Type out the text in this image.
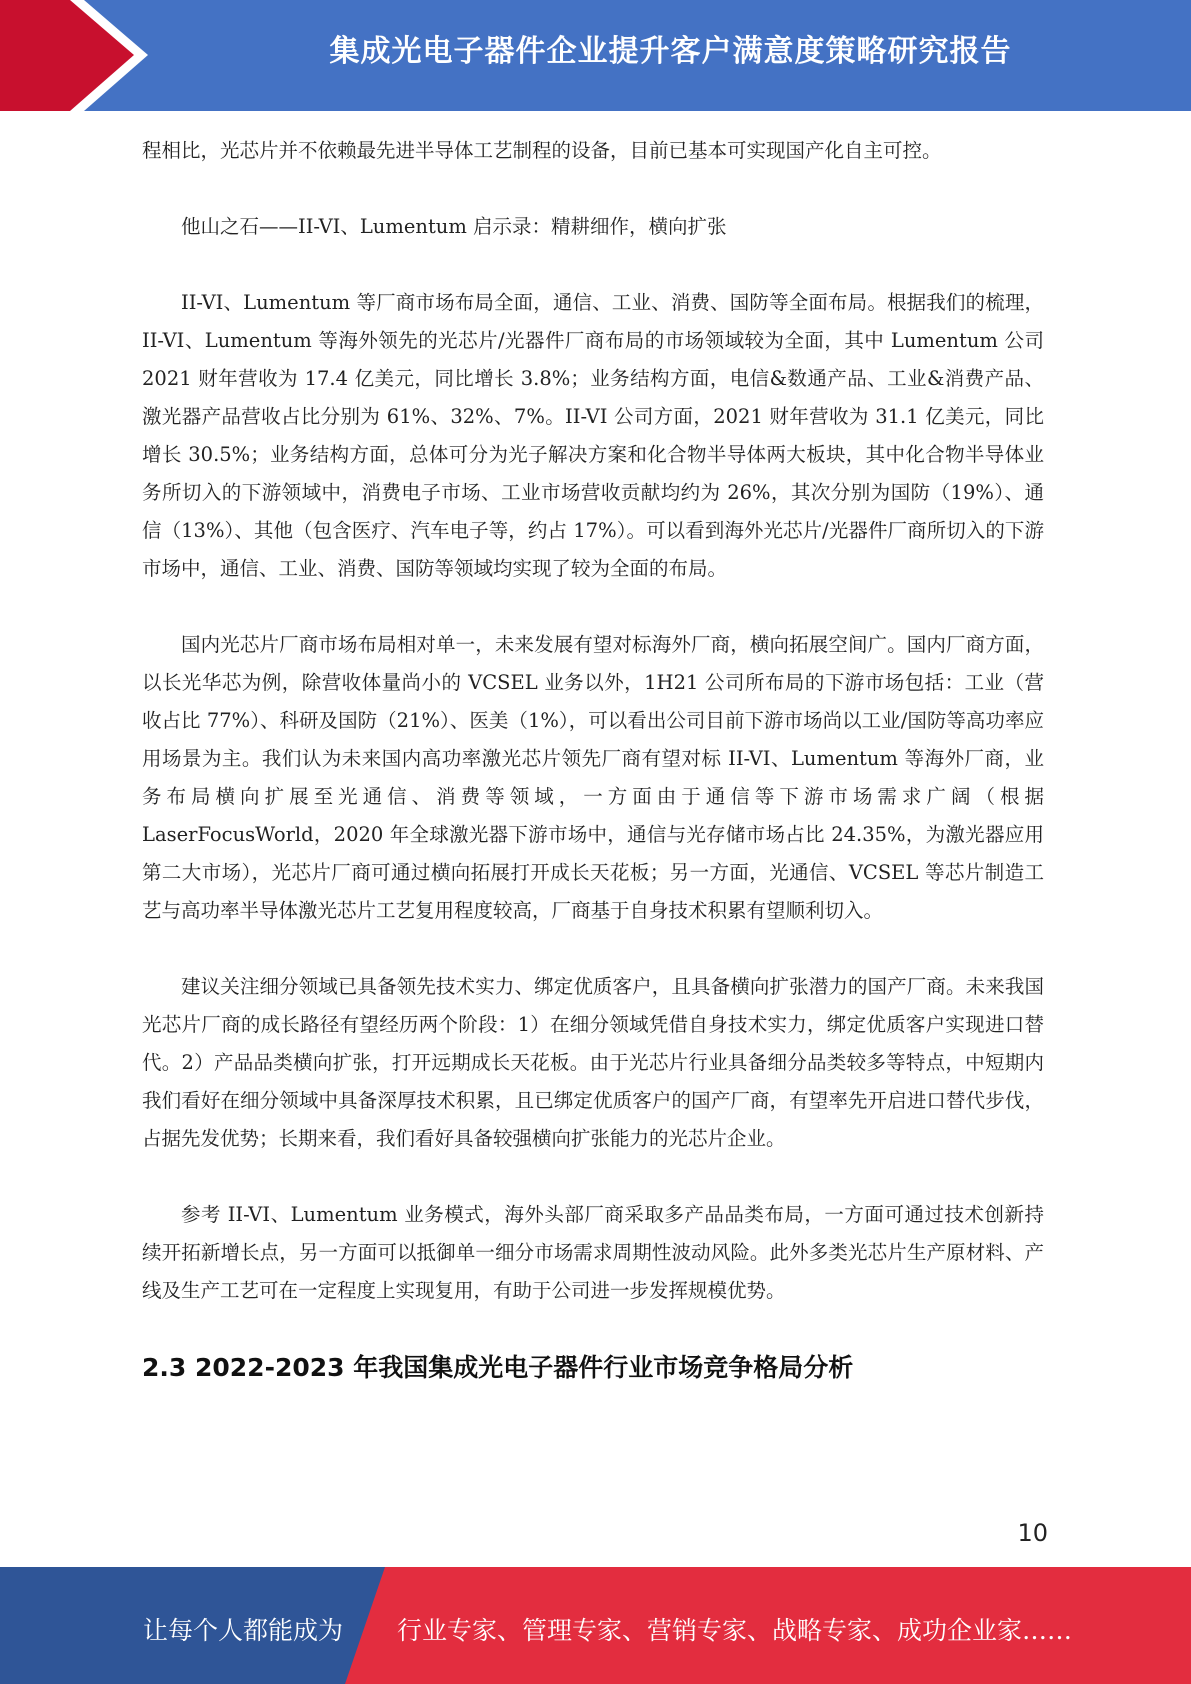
集成光电子器件企业提升客户满意度策略研究报告

程相比，光芯片并不依赖最先进半导体工艺制程的设备，目前已基本可实现国产化自主可控。

他山之石——II-VI、Lumentum 启示录：精耕细作，横向扩张

II-VI、Lumentum 等厂商市场布局全面，通信、工业、消费、国防等全面布局。根据我们的梳理，II-VI、Lumentum 等海外领先的光芯片/光器件厂商布局的市场领域较为全面，其中 Lumentum 公司 2021 财年营收为 17.4 亿美元，同比增长 3.8%；业务结构方面，电信&数通产品、工业&消费产品、激光器产品营收占比分别为 61%、32%、7%。II-VI 公司方面，2021 财年营收为 31.1 亿美元，同比增长 30.5%；业务结构方面，总体可分为光子解决方案和化合物半导体两大板块，其中化合物半导体业务所切入的下游领域中，消费电子市场、工业市场营收贡献均约为 26%，其次分别为国防（19%）、通信（13%）、其他（包含医疗、汽车电子等，约占 17%）。可以看到海外光芯片/光器件厂商所切入的下游市场中，通信、工业、消费、国防等领域均实现了较为全面的布局。

国内光芯片厂商市场布局相对单一，未来发展有望对标海外厂商，横向拓展空间广。国内厂商方面，以长光华芯为例，除营收体量尚小的 VCSEL 业务以外，1H21 公司所布局的下游市场包括：工业（营收占比 77%）、科研及国防（21%）、医美（1%），可以看出公司目前下游市场尚以工业/国防等高功率应用场景为主。我们认为未来国内高功率激光芯片领先厂商有望对标 II-VI、Lumentum 等海外厂商，业务布局横向扩展至光通信、消费等领域，一方面由于通信等下游市场需求广阔（根据 LaserFocusWorld，2020 年全球激光器下游市场中，通信与光存储市场占比 24.35%，为激光器应用第二大市场），光芯片厂商可通过横向拓展打开成长天花板；另一方面，光通信、VCSEL 等芯片制造工艺与高功率半导体激光芯片工艺复用程度较高，厂商基于自身技术积累有望顺利切入。

建议关注细分领域已具备领先技术实力、绑定优质客户，且具备横向扩张潜力的国产厂商。未来我国光芯片厂商的成长路径有望经历两个阶段：1）在细分领域凭借自身技术实力，绑定优质客户实现进口替代。2）产品品类横向扩张，打开远期成长天花板。由于光芯片行业具备细分品类较多等特点，中短期内我们看好在细分领域中具备深厚技术积累，且已绑定优质客户的国产厂商，有望率先开启进口替代步伐，占据先发优势；长期来看，我们看好具备较强横向扩张能力的光芯片企业。

参考 II-VI、Lumentum 业务模式，海外头部厂商采取多产品品类布局，一方面可通过技术创新持续开拓新增长点，另一方面可以抵御单一细分市场需求周期性波动风险。此外多类光芯片生产原材料、产线及生产工艺可在一定程度上实现复用，有助于公司进一步发挥规模优势。

2.3 2022-2023 年我国集成光电子器件行业市场竞争格局分析
10
让每个人都能成为 行业专家、管理专家、营销专家、战略专家、成功企业家……
